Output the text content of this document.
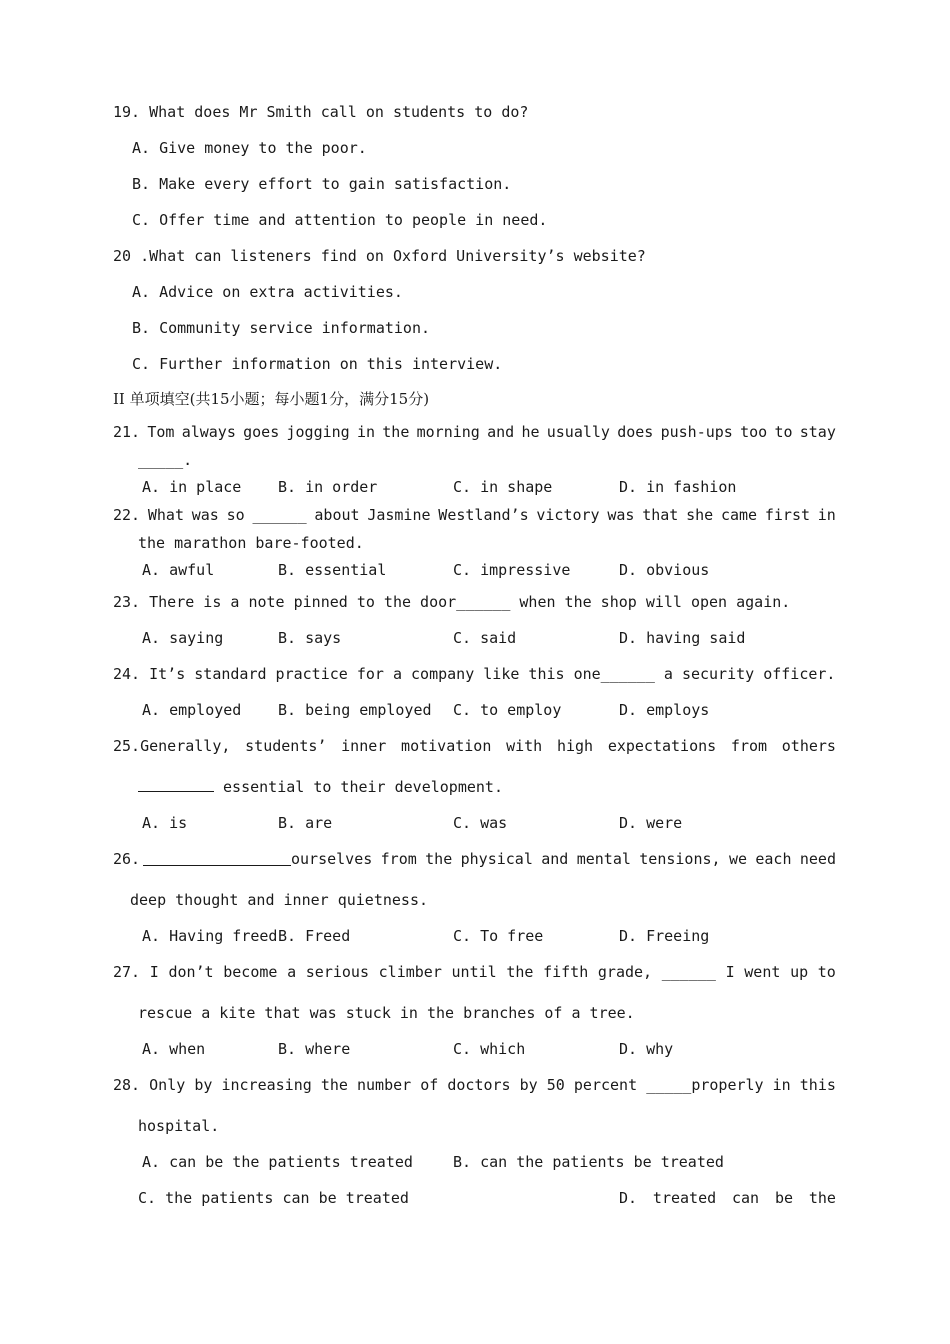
19. What does Mr Smith call on students to do?
A. Give money to the poor.
B. Make every effort to gain satisfaction.
C. Offer time and attention to people in need.
20 .What can listeners find on Oxford University’s website?
A. Advice on extra activities.
B. Community service information.
C. Further information on this interview.
II 单项填空(共15小题；每小题1分，满分15分)
21. Tom always goes jogging in the morning and he usually does push-ups too to stay
_____.
A. in place B. in order	C. in shape	D. in fashion
22. What was so ______ about Jasmine Westland’s victory was that she came first in
the marathon bare-footed.
A. awful	B. essential	C. impressive	D. obvious
23. There is a note pinned to the door______ when the shop will open again.
A. saying	B. says	C. said	D. having said
24. It’s standard practice for a company like this one______ a security officer.
A. employed B. being employed C. to employ	D. employs
25.Generally, students’ inner motivation with high expectations from others
essential to their development.
A. is	B. are	C. was	D. were
26.	ourselves from the physical and mental tensions, we each need
deep thought and inner quietness.
A. Having freed B. Freed	C. To free	D. Freeing
27. I don’t become a serious climber until the fifth grade, ______ I went up to
rescue a kite that was stuck in the branches of a tree.
A. when	B. where	C. which	D. why
28. Only by increasing the number of doctors by 50 percent _____properly in this
hospital.
A. can be the patients treated	B. can the patients be treated
C. the patients can be treated	D. treated can be the
